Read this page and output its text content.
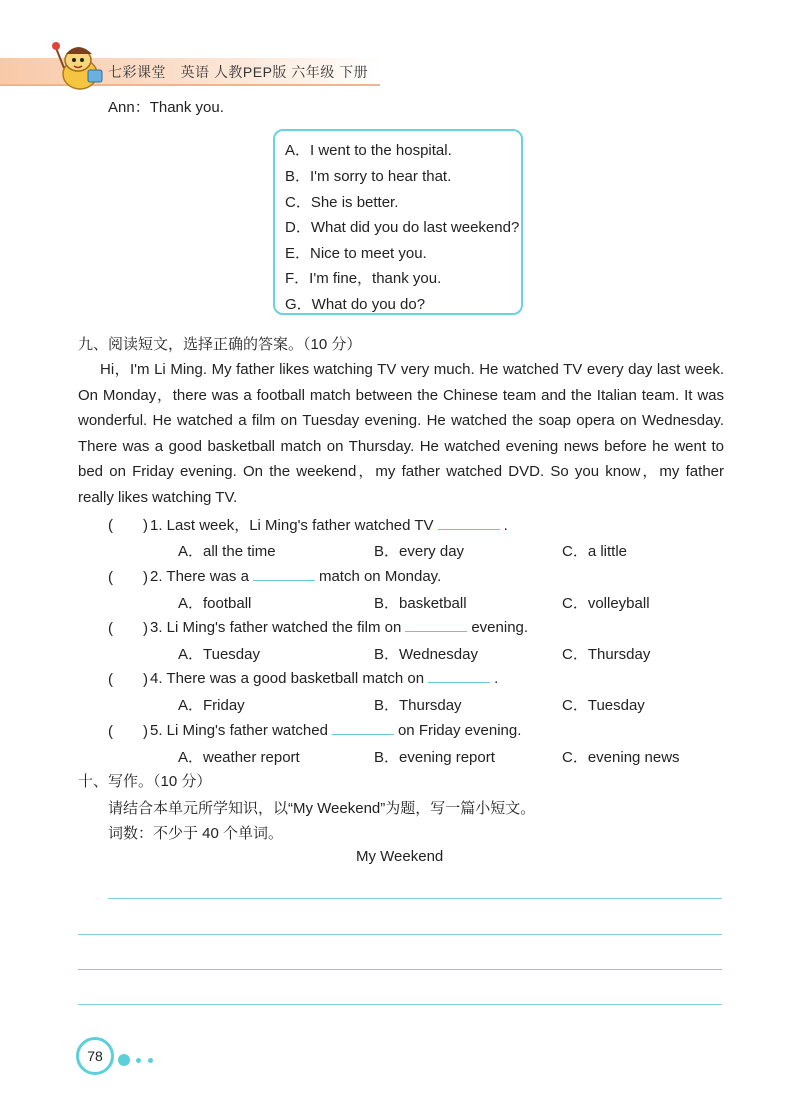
七彩课堂　英语 人教PEP版 六年级 下册
Ann：Thank you.
A．I went to the hospital.
B．I'm sorry to hear that.
C．She is better.
D．What did you do last weekend?
E．Nice to meet you.
F．I'm fine，thank you.
G．What do you do?
九、阅读短文，选择正确的答案。（10 分）

Hi，I'm Li Ming. My father likes watching TV very much. He watched TV every day last week. On Monday，there was a football match between the Chinese team and the Italian team. It was wonderful. He watched a film on Tuesday evening. He watched the soap opera on Wednesday. There was a good basketball match on Thursday. He watched evening news before he went to bed on Friday evening. On the weekend，my father watched DVD. So you know，my father really likes watching TV.

(　　) 1. Last week，Li Ming's father watched TV	.
A．all the time	B．every day	C．a little
(　　) 2. There was a	match on Monday.
A．football	B．basketball	C．volleyball
(　　) 3. Li Ming's father watched the film on	evening.
A．Tuesday	B．Wednesday	C．Thursday
(　　) 4. There was a good basketball match on	.
A．Friday	B．Thursday	C．Tuesday
(　　) 5. Li Ming's father watched	on Friday evening.
A．weather report	B．evening report	C．evening news
十、写作。（10 分）
请结合本单元所学知识，以“My Weekend”为题，写一篇小短文。
词数：不少于 40 个单词。
My Weekend
78
